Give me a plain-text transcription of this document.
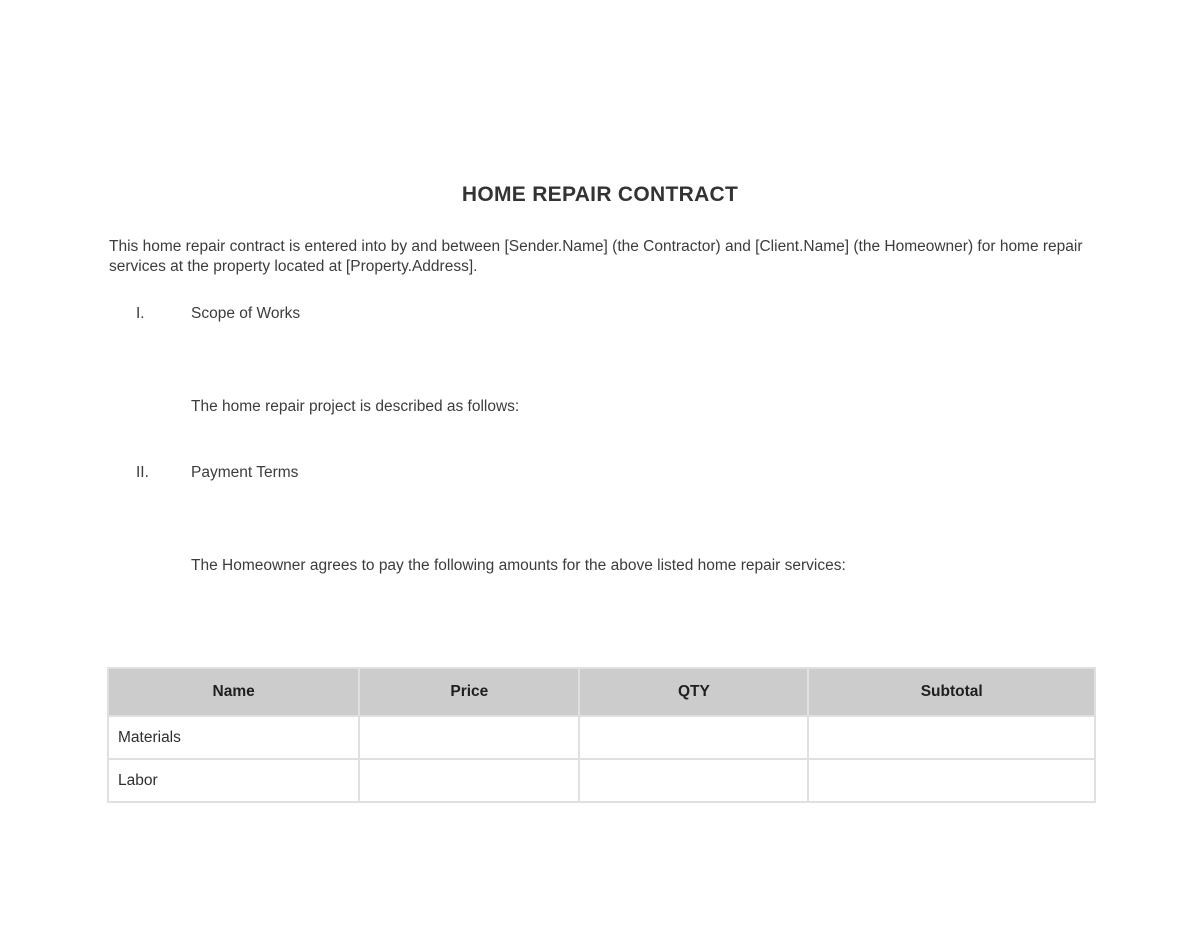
HOME REPAIR CONTRACT
This home repair contract is entered into by and between [Sender.Name] (the Contractor) and [Client.Name] (the Homeowner) for home repair services at the property located at [Property.Address].
I.	Scope of Works
The home repair project is described as follows:
II.	Payment Terms
The Homeowner agrees to pay the following amounts for the above listed home repair services:
Name	Price	QTY	Subtotal
Materials			
Labor			
